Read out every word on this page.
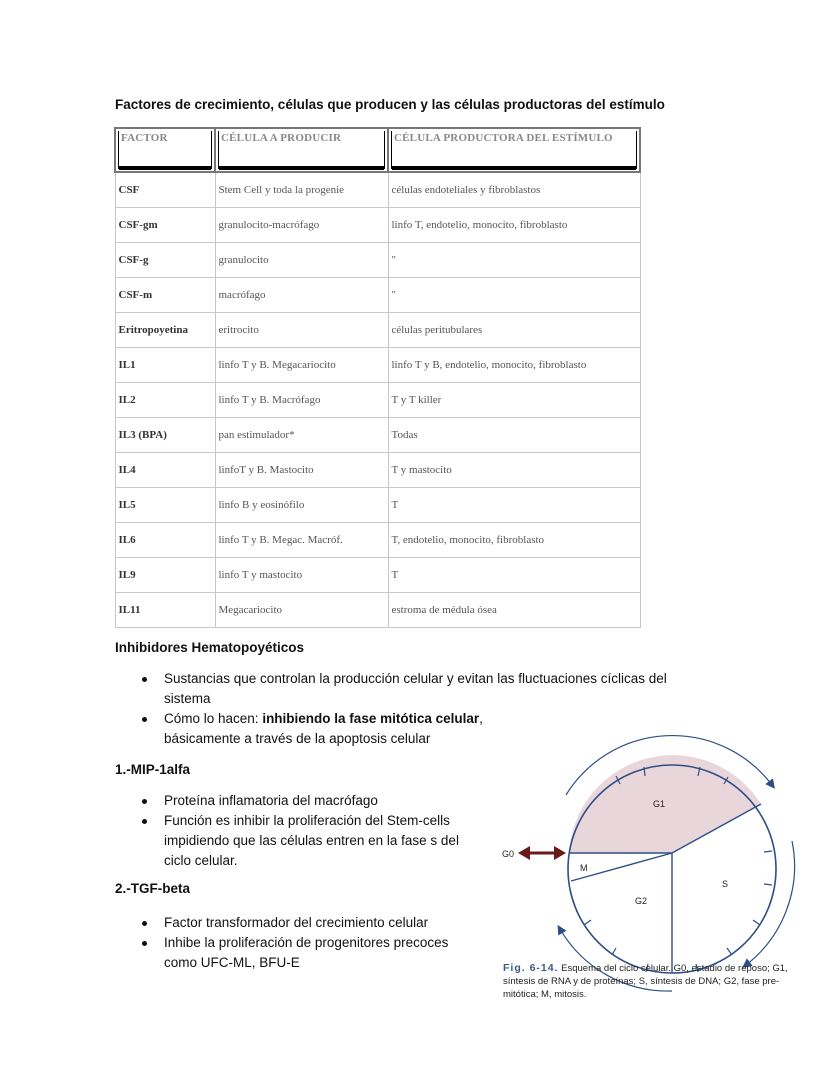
Factores de crecimiento, células que producen y las células productoras del estímulo
FACTOR	CÉLULA A PRODUCIR	CÉLULA PRODUCTORA DEL ESTÍMULO

CSF	Stem Cell y toda la progenie	células endoteliales y fibroblastos
CSF-gm	granulocito-macrófago	linfo T, endotelio, monocito, fibroblasto
CSF-g	granulocito	"
CSF-m	macrófago	"
Eritropoyetina	eritrocito	células peritubulares
IL1	linfo T y B. Megacariocito	linfo T y B, endotelio, monocito, fibroblasto
IL2	linfo T y B. Macrófago	T y T killer
IL3 (BPA)	pan estimulador*	Todas
IL4	linfoT y B. Mastocito	T y mastocito
IL5	linfo B y eosinófilo	T
IL6	linfo T y B. Megac. Macróf.	T, endotelio, monocito, fibroblasto
IL9	linfo T y mastocito	T
IL11	Megacariocito	estroma de médula ósea
Inhibidores Hematopoyéticos
Sustancias que controlan la producción celular y evitan las fluctuaciones cíclicas del sistema
Cómo lo hacen: inhibiendo la fase mitótica celular,
básicamente a través de la apoptosis celular
1.-MIP-1alfa
Proteína inflamatoria del macrófago
Función es inhibir la proliferación del Stem-cells
impidiendo que las células entren en la fase s del
ciclo celular.
2.-TGF-beta
Factor transformador del crecimiento celular
Inhibe la proliferación de progenitores precoces
como UFC-ML, BFU-E
G0
G1
M
G2
S
Fig. 6-14. Esquema del ciclo celular. G0, estadio de reposo; G1, síntesis de RNA y de proteínas; S, síntesis de DNA; G2, fase pre-mitótica; M, mitosis.
